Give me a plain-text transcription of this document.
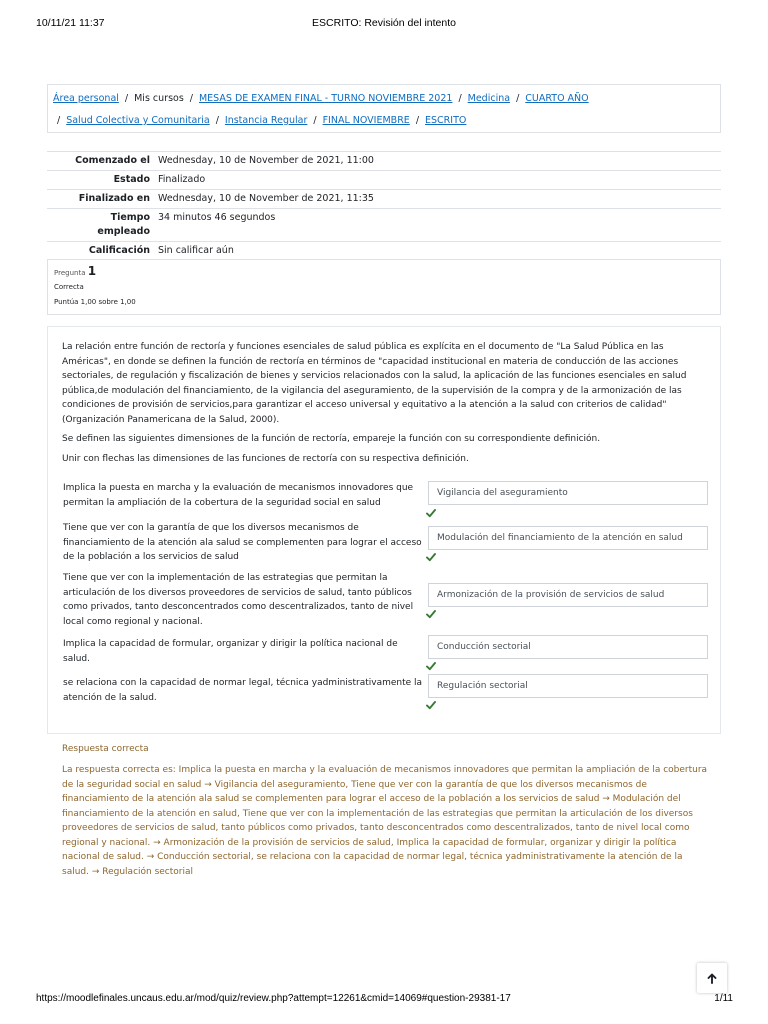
10/11/21 11:37	ESCRITO: Revisión del intento
Área personal / Mis cursos / MESAS DE EXAMEN FINAL - TURNO NOVIEMBRE 2021 / Medicina / CUARTO AÑO
/ Salud Colectiva y Comunitaria / Instancia Regular / FINAL NOVIEMBRE / ESCRITO
Comenzado el Wednesday, 10 de November de 2021, 11:00
Estado Finalizado
Finalizado en Wednesday, 10 de November de 2021, 11:35
Tiempo
empleado
34 minutos 46 segundos
Calificación Sin calificar aún
Pregunta 1
Correcta
Puntúa 1,00 sobre 1,00

La relación entre función de rectoría y funciones esenciales de salud pública es explícita en el documento de "La Salud Pública en las Américas", en donde se definen la función de rectoría en términos de "capacidad institucional en materia de conducción de las acciones sectoriales, de regulación y fiscalización de bienes y servicios relacionados con la salud, la aplicación de las funciones esenciales en salud pública,de modulación del financiamiento, de la vigilancia del aseguramiento, de la supervisión de la compra y de la armonización de las condiciones de provisión de servicios,para garantizar el acceso universal y equitativo a la atención a la salud con criterios de calidad" (Organización Panamericana de la Salud, 2000).

Se definen las siguientes dimensiones de la función de rectoría, empareje la función con su correspondiente definición.

Unir con flechas las dimensiones de las funciones de rectoría con su respectiva definición.

Implica la puesta en marcha y la evaluación de mecanismos innovadores que permitan la ampliación de la cobertura de la seguridad social en salud
Vigilancia del aseguramiento
Tiene que ver con la garantía de que los diversos mecanismos de financiamiento de la atención ala salud se complementen para lograr el acceso de la población a los servicios de salud
Modulación del financiamiento de la atención en salud
Tiene que ver con la implementación de las estrategias que permitan la articulación de los diversos proveedores de servicios de salud, tanto públicos como privados, tanto desconcentrados como descentralizados, tanto de nivel local como regional y nacional.
Armonización de la provisión de servicios de salud
Implica la capacidad de formular, organizar y dirigir la política nacional de salud.
Conducción sectorial
se relaciona con la capacidad de normar legal, técnica yadministrativamente la atención de la salud.
Regulación sectorial
Respuesta correcta
La respuesta correcta es: Implica la puesta en marcha y la evaluación de mecanismos innovadores que permitan la ampliación de la cobertura de la seguridad social en salud → Vigilancia del aseguramiento, Tiene que ver con la garantía de que los diversos mecanismos de financiamiento de la atención ala salud se complementen para lograr el acceso de la población a los servicios de salud → Modulación del financiamiento de la atención en salud, Tiene que ver con la implementación de las estrategias que permitan la articulación de los diversos proveedores de servicios de salud, tanto públicos como privados, tanto desconcentrados como descentralizados, tanto de nivel local como regional y nacional. → Armonización de la provisión de servicios de salud, Implica la capacidad de formular, organizar y dirigir la política nacional de salud. → Conducción sectorial, se relaciona con la capacidad de normar legal, técnica yadministrativamente la atención de la salud. → Regulación sectorial
https://moodlefinales.uncaus.edu.ar/mod/quiz/review.php?attempt=12261&cmid=14069#question-29381-17	1/11
